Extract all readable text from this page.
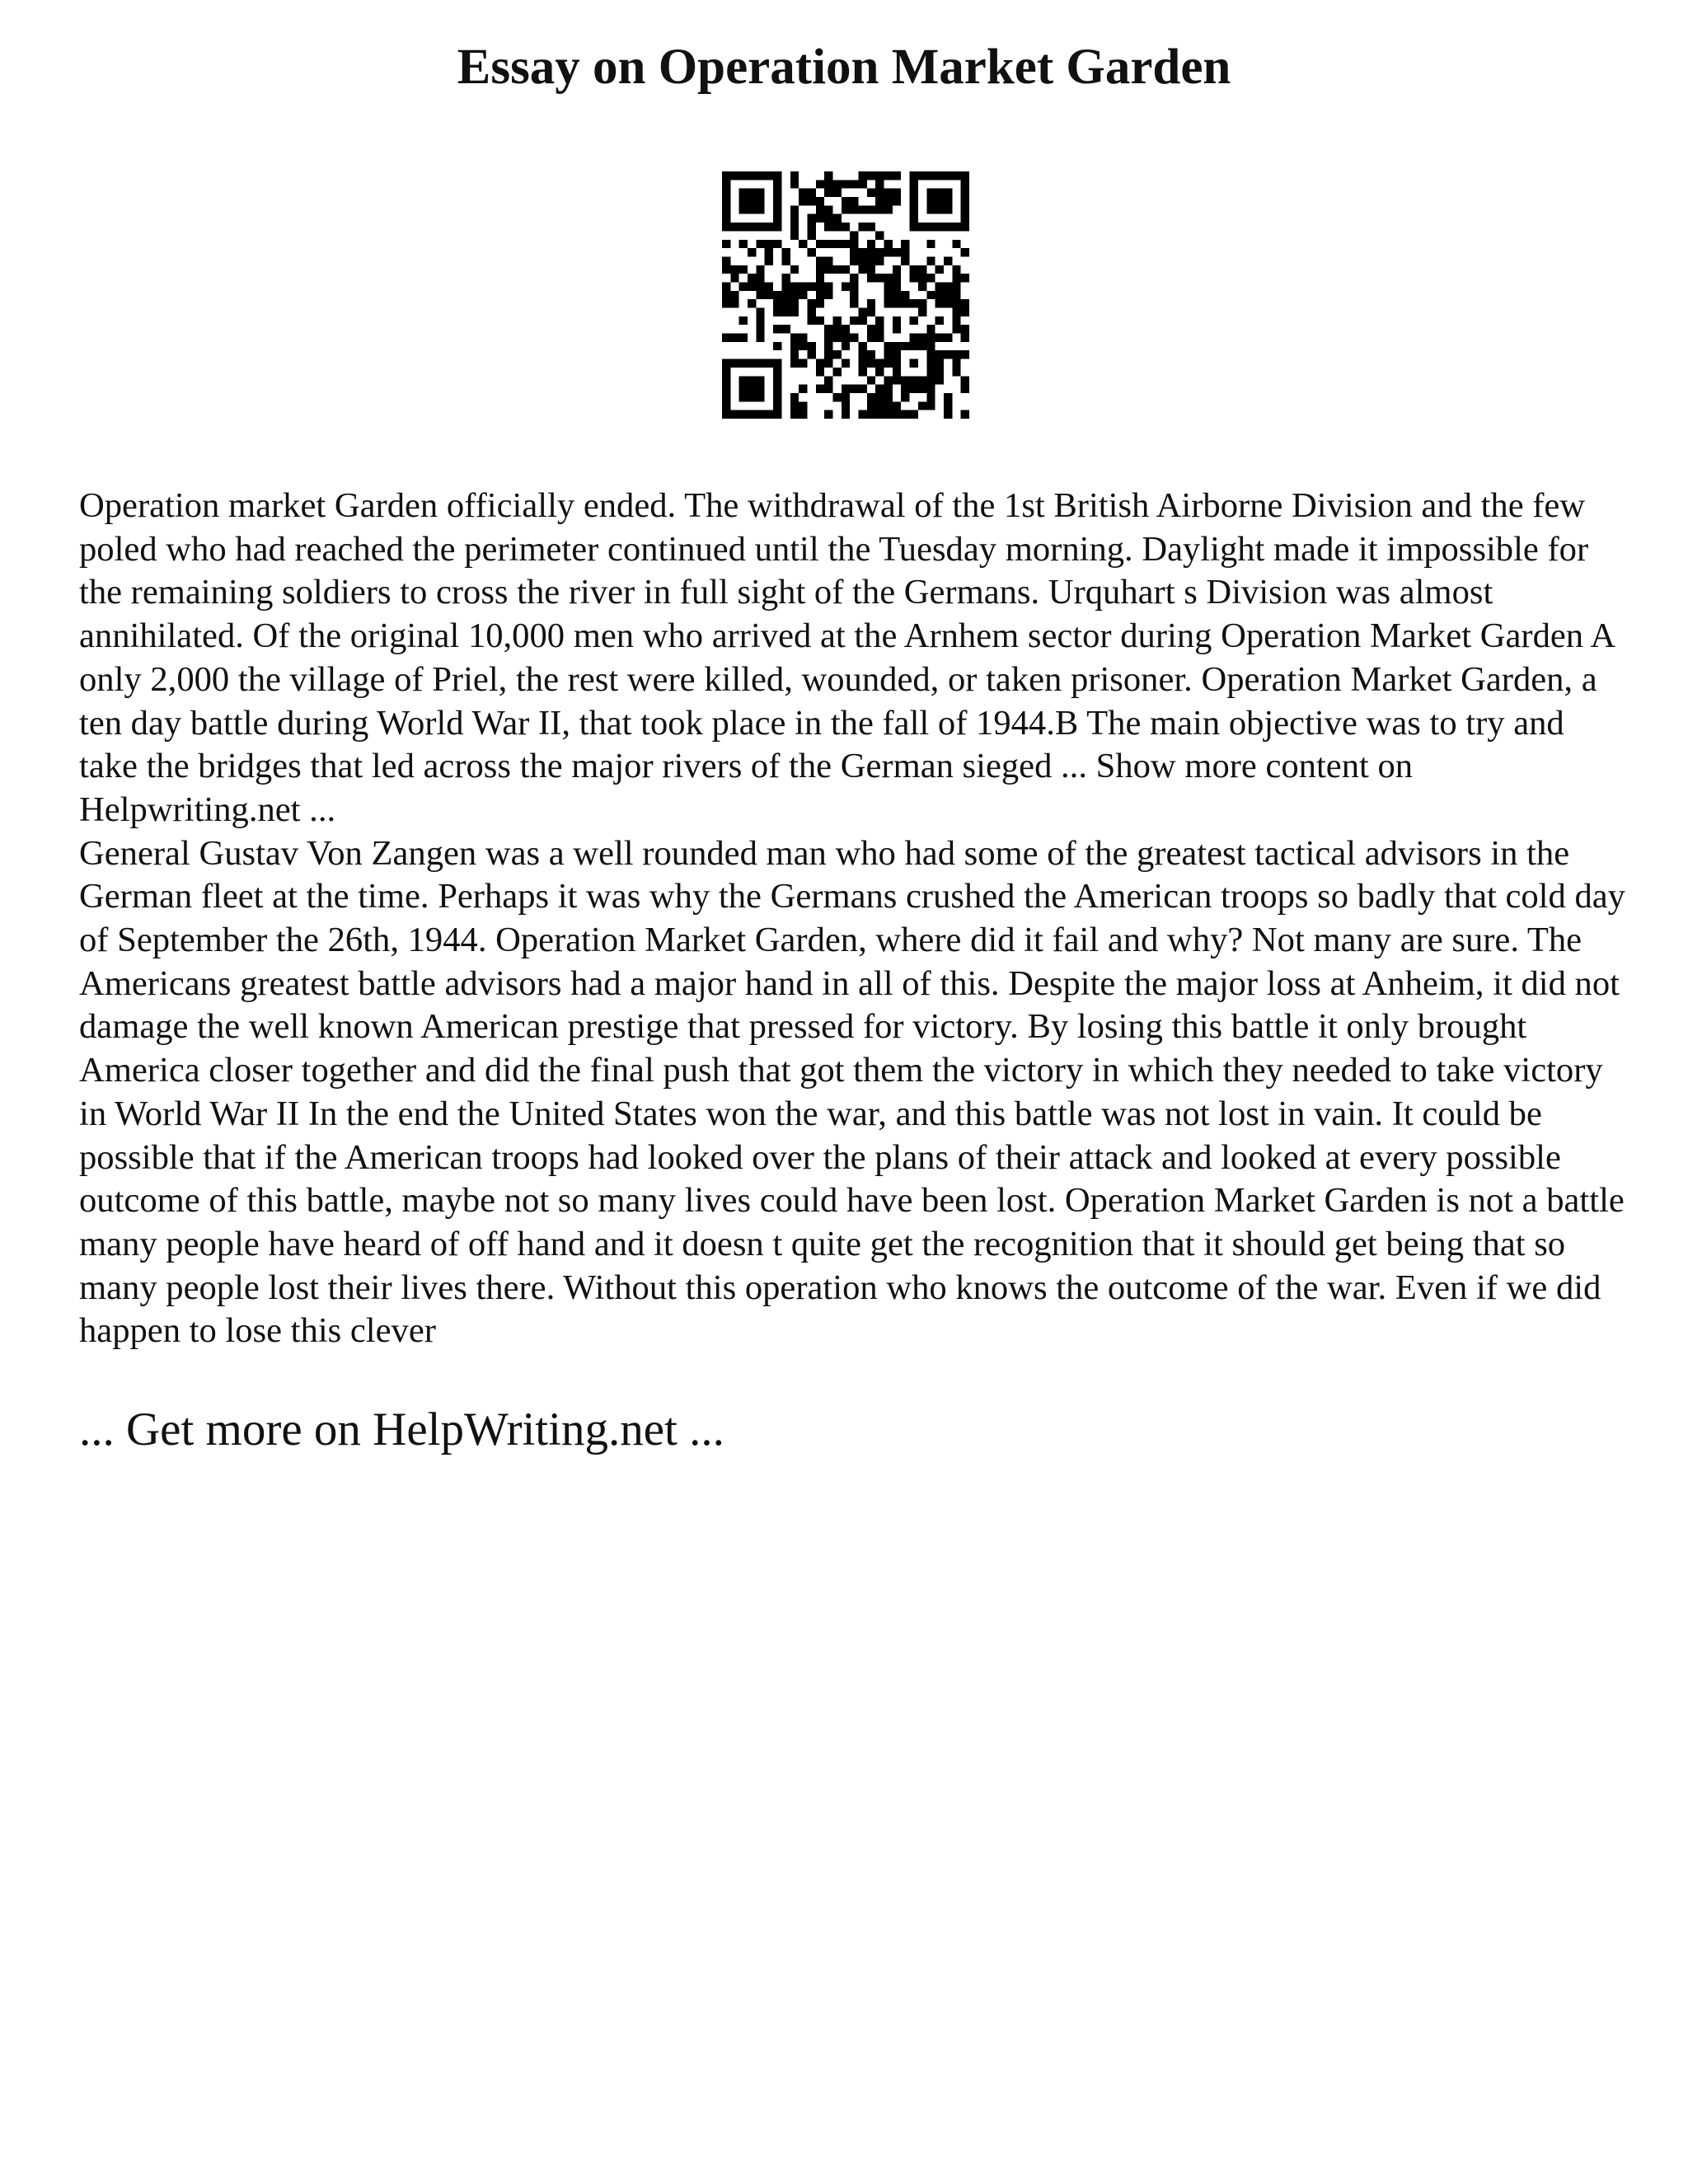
Essay on Operation Market Garden

Operation market Garden officially ended. The withdrawal of the 1st British Airborne Division and the few poled who had reached the perimeter continued until the Tuesday morning. Daylight made it impossible for the remaining soldiers to cross the river in full sight of the Germans. Urquhart s Division was almost annihilated. Of the original 10,000 men who arrived at the Arnhem sector during Operation Market Garden A only 2,000 the village of Priel, the rest were killed, wounded, or taken prisoner. Operation Market Garden, a ten day battle during World War II, that took place in the fall of 1944.B The main objective was to try and take the bridges that led across the major rivers of the German sieged ... Show more content on Helpwriting.net ...

General Gustav Von Zangen was a well rounded man who had some of the greatest tactical advisors in the German fleet at the time. Perhaps it was why the Germans crushed the American troops so badly that cold day of September the 26th, 1944. Operation Market Garden, where did it fail and why? Not many are sure. The Americans greatest battle advisors had a major hand in all of this. Despite the major loss at Anheim, it did not damage the well known American prestige that pressed for victory. By losing this battle it only brought America closer together and did the final push that got them the victory in which they needed to take victory in World War II In the end the United States won the war, and this battle was not lost in vain. It could be possible that if the American troops had looked over the plans of their attack and looked at every possible outcome of this battle, maybe not so many lives could have been lost. Operation Market Garden is not a battle many people have heard of off hand and it doesn t quite get the recognition that it should get being that so many people lost their lives there. Without this operation who knows the outcome of the war. Even if we did happen to lose this clever

... Get more on HelpWriting.net ...
